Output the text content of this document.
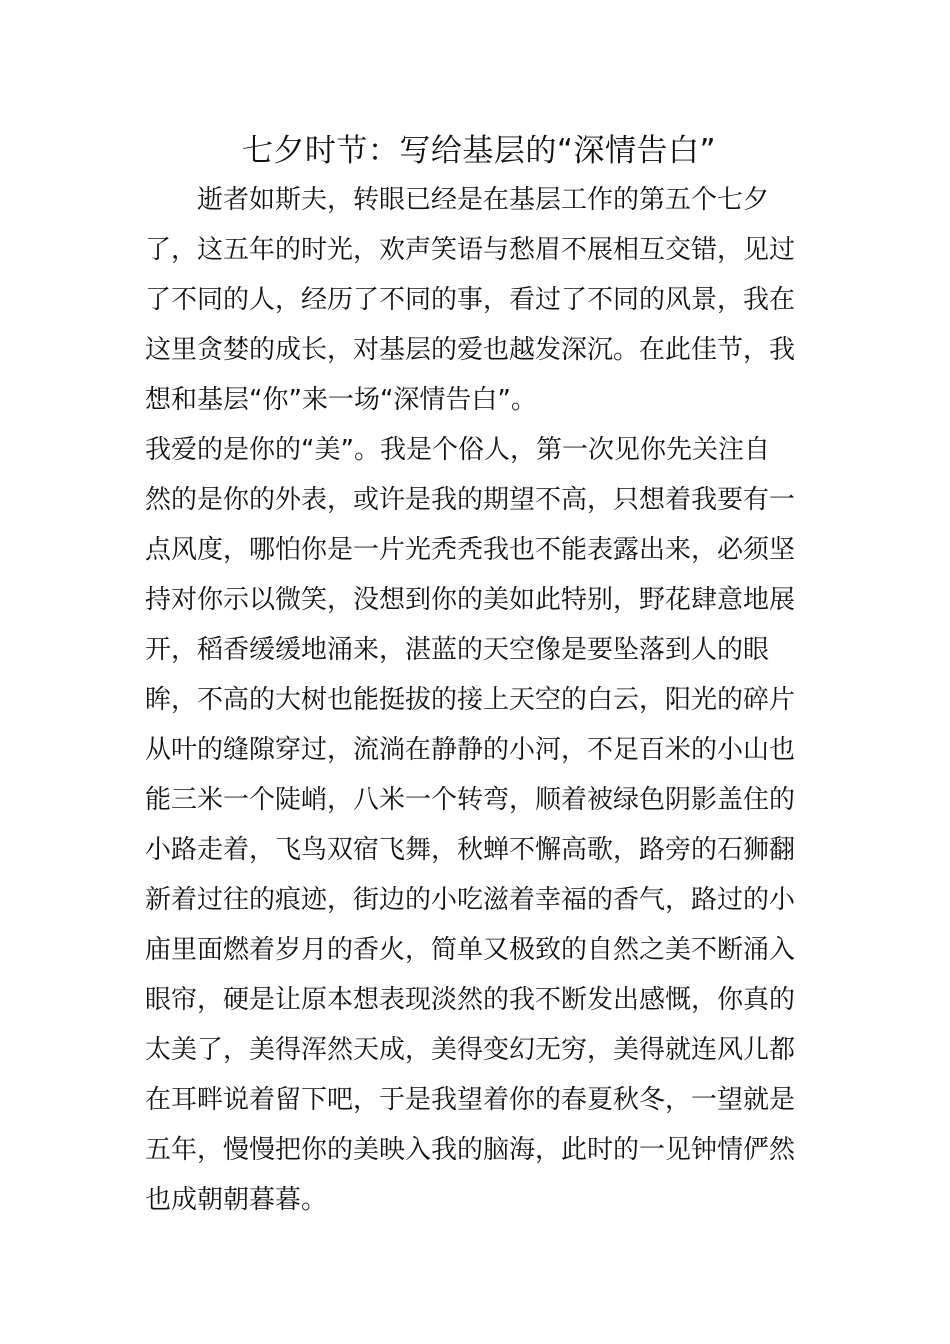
七夕时节：写给基层的“深情告白”

　　逝者如斯夫，转眼已经是在基层工作的第五个七夕

了，这五年的时光，欢声笑语与愁眉不展相互交错，见过

了不同的人，经历了不同的事，看过了不同的风景，我在

这里贪婪的成长，对基层的爱也越发深沉。在此佳节，我

想和基层“你”来一场“深情告白”。

我爱的是你的“美”。我是个俗人，第一次见你先关注自

然的是你的外表，或许是我的期望不高，只想着我要有一

点风度，哪怕你是一片光秃秃我也不能表露出来，必须坚

持对你示以微笑，没想到你的美如此特别，野花肆意地展

开，稻香缓缓地涌来，湛蓝的天空像是要坠落到人的眼

眸，不高的大树也能挺拔的接上天空的白云，阳光的碎片

从叶的缝隙穿过，流淌在静静的小河，不足百米的小山也

能三米一个陡峭，八米一个转弯，顺着被绿色阴影盖住的

小路走着，飞鸟双宿飞舞，秋蝉不懈高歌，路旁的石狮翻

新着过往的痕迹，街边的小吃滋着幸福的香气，路过的小

庙里面燃着岁月的香火，简单又极致的自然之美不断涌入

眼帘，硬是让原本想表现淡然的我不断发出感慨，你真的

太美了，美得浑然天成，美得变幻无穷，美得就连风儿都

在耳畔说着留下吧，于是我望着你的春夏秋冬，一望就是

五年，慢慢把你的美映入我的脑海，此时的一见钟情俨然

也成朝朝暮暮。
